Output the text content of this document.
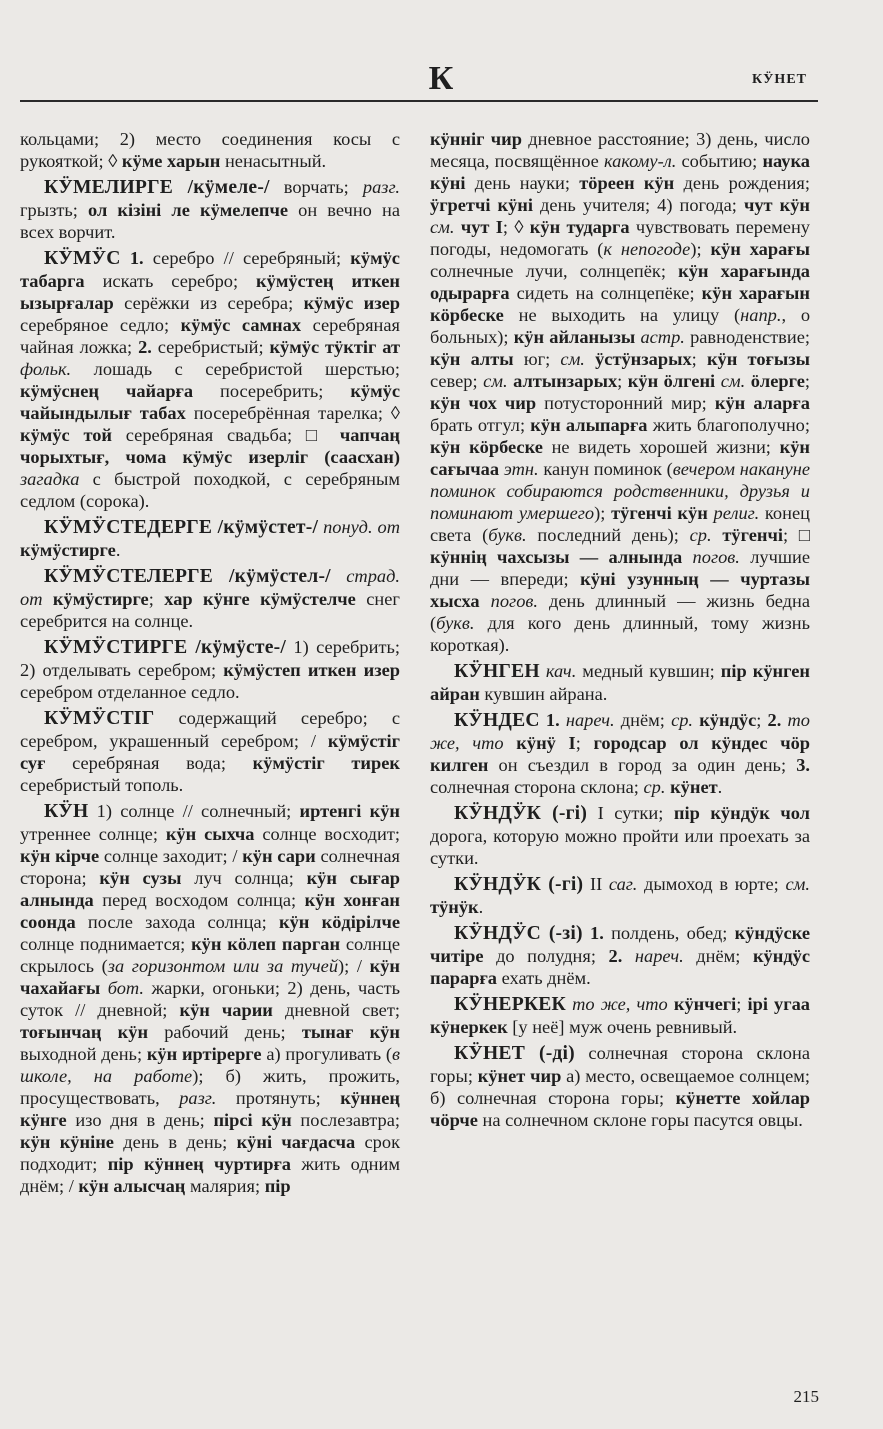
К	КӰНЕТ

кольцами; 2) место соединения косы с рукояткой; ◊ кӱме харын ненасытный.

КӰМЕЛИРГЕ /кӱмеле-/ ворчать; разг. грызть; ол кізіні ле кӱмелепче он вечно на всех ворчит.

КӰМӰС 1. серебро // серебряный; кӱмӱс табарга искать серебро; кӱмӱстең иткен ызырғалар серёжки из серебра; кӱмӱс изер серебряное седло; кӱмӱс самнах серебряная чайная ложка; 2. серебристый; кӱмӱс тӱктіг ат фольк. лошадь с серебристой шерстью; кӱмӱснең чайарға посеребрить; кӱмӱс чайындылығ табах посеребрённая тарелка; ◊ кӱмӱс той серебряная свадьба; □ чапчаң чорыхтығ, чома кӱмӱс изерліг (саасхан) загадка с быстрой походкой, с серебряным седлом (сорока).

КӰМӰСТЕДЕРГЕ /кӱмӱстет-/ понуд. от кӱмӱстирге.

КӰМӰСТЕЛЕРГЕ /кӱмӱстел-/ страд. от кӱмӱстирге; хар кӱнге кӱмӱстелче снег серебрится на солнце.

КӰМӰСТИРГЕ /кӱмӱсте-/ 1) серебрить; 2) отделывать серебром; кӱмӱстеп иткен изер серебром отделанное седло.

КӰМӰСТІГ содержащий серебро; с серебром, украшенный серебром; / кӱмӱстіг суғ серебряная вода; кӱмӱстіг тирек серебристый тополь.

КӰН 1) солнце // солнечный; иртенгі кӱн утреннее солнце; кӱн сыхча солнце восходит; кӱн кірче солнце заходит; / кӱн сари солнечная сторона; кӱн сузы луч солнца; кӱн сығар алнында перед восходом солнца; кӱн хонған соонда после захода солнца; кӱн кӧдірілче солнце поднимается; кӱн кӧлеп парган солнце скрылось (за горизонтом или за тучей); / кӱн чахайағы бот. жарки, огоньки; 2) день, часть суток // дневной; кӱн чарии дневной свет; тоғынчаң кӱн рабочий день; тынағ кӱн выходной день; кӱн иртірерге а) прогуливать (в школе, на работе); б) жить, прожить, просуществовать, разг. протянуть; кӱннең кӱнге изо дня в день; пірсі кӱн послезавтра; кӱн кӱніне день в день; кӱні чағдасча срок подходит; пір кӱннең чуртирға жить одним днём; / кӱн алысчаң малярия; пір

кӱннiг чир дневное расстояние; 3) день, число месяца, посвящённое какому-л. событию; наука кӱні день науки; тӧреен кӱн день рождения; ӱгретчі кӱні день учителя; 4) погода; чут кӱн см. чут I; ◊ кӱн тударга чувствовать перемену погоды, недомогать (к непогоде); кӱн харағы солнечные лучи, солнцепёк; кӱн харағында одырарға сидеть на солнцепёке; кӱн харағын кӧрбеске не выходить на улицу (напр., о больных); кӱн айланызы астр. равноденствие; кӱн алты юг; см. ӱстӱнзарых; кӱн тоғызы север; см. алтынзарых; кӱн ӧлгені см. ӧлерге; кӱн чох чир потусторонний мир; кӱн аларға брать отгул; кӱн алыпарға жить благополучно; кӱн кӧрбеске не видеть хорошей жизни; кӱн сағычаа этн. канун поминок (вечером накануне поминок собираются родственники, друзья и поминают умершего); тӱгенчі кӱн религ. конец света (букв. последний день); ср. тӱгенчі; □ кӱннің чахсызы — алнында погов. лучшие дни — впереди; кӱні узунның — чуртазы хысха погов. день длинный — жизнь бедна (букв. для кого день длинный, тому жизнь короткая).

КӰНГЕН кач. медный кувшин; пір кӱнген айран кувшин айрана.

КӰНДЕС 1. нареч. днём; ср. кӱндӱс; 2. то же, что кӱнӱ I; городсар ол кӱндес чӧр килген он съездил в город за один день; 3. солнечная сторона склона; ср. кӱнет.

КӰНДӰК (-гі) I сутки; пір кӱндӱк чол дорога, которую можно пройти или проехать за сутки.

КӰНДӰК (-гі) II саг. дымоход в юрте; см. тӱнӱк.

КӰНДӰС (-зі) 1. полдень, обед; кӱндӱске читіре до полудня; 2. нареч. днём; кӱндӱс парарға ехать днём.

КӰНЕРКЕК то же, что кӱнчегі; ірі угаа кӱнеркек [у неё] муж очень ревнивый.

КӰНЕТ (-ді) солнечная сторона склона горы; кӱнет чир а) место, освещаемое солнцем; б) солнечная сторона горы; кӱнетте хойлар чӧрче на солнечном склоне горы пасутся овцы.

215
